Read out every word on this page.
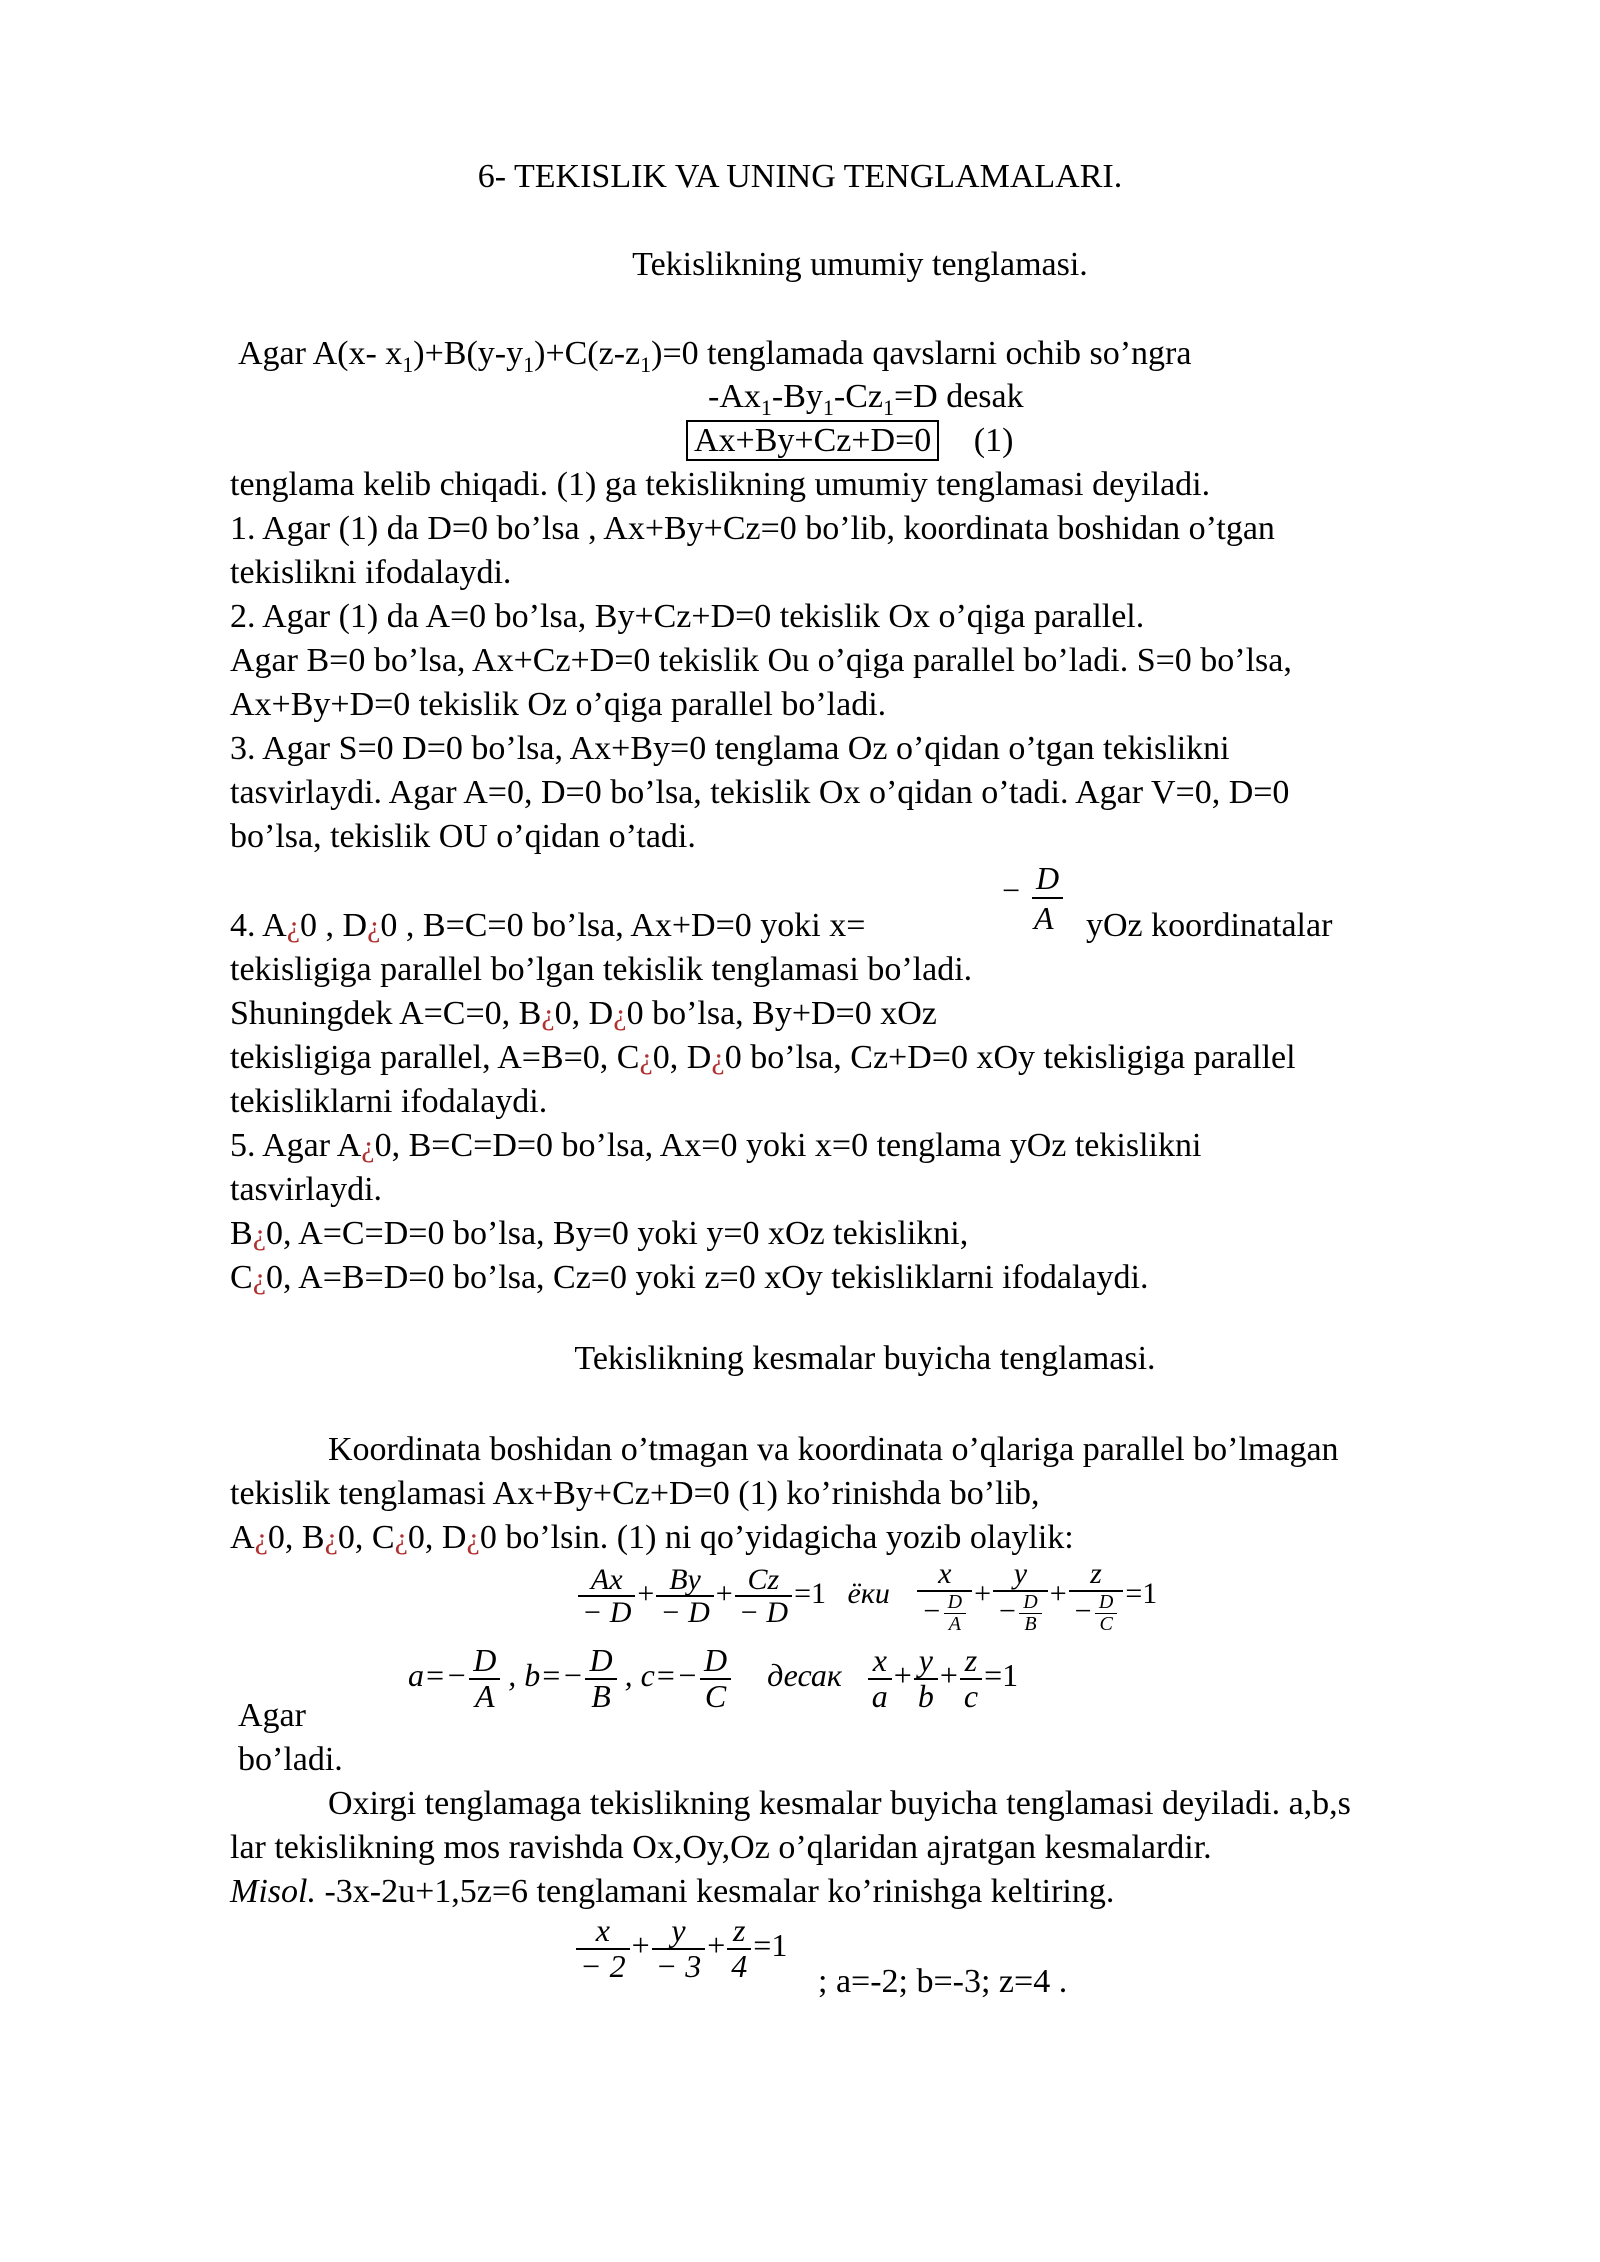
6- TEKISLIK VA UNING TENGLAMALARI.
Tekislikning umumiy tenglamasi.
Agar A(x- $x_1)+B(y-y_1)+C(z-z_1)=0$ tenglamada qavslarni ochib so’ngra
$-Ax_1-By_1-Cz_1=D$ desak
Ax+By+Cz+D=0 (1)
tenglama kelib chiqadi. (1) ga tekislikning umumiy tenglamasi deyiladi.
1. Agar (1) da D=0 bo’lsa , Ax+By+Cz=0 bo’lib, koordinata boshidan o’tgan
tekislikni ifodalaydi.
2. Agar (1) da A=0 bo’lsa, By+Cz+D=0 tekislik Ox o’qiga parallel.
Agar B=0 bo’lsa, Ax+Cz+D=0 tekislik Ou o’qiga parallel bo’ladi. S=0 bo’lsa,
Ax+By+D=0 tekislik Oz o’qiga parallel bo’ladi.
3. Agar S=0 D=0 bo’lsa, Ax+By=0 tenglama Oz o’qidan o’tgan tekislikni
tasvirlaydi. Agar A=0, D=0 bo’lsa, tekislik Ox o’qidan o’tadi. Agar V=0, D=0
bo’lsa, tekislik OU o’qidan o’tadi.
4. A¿0 , D¿0 , B=C=0 bo’lsa, Ax+D=0 yoki x=
− D
A yOz koordinatalar
tekisligiga parallel bo’lgan tekislik tenglamasi bo’ladi.
Shuningdek A=C=0, B¿0, D¿0 bo’lsa, By+D=0 xOz
tekisligiga parallel, A=B=0, C¿0, D¿0 bo’lsa, Cz+D=0 xOy tekisligiga parallel
tekisliklarni ifodalaydi.
5. Agar A¿0, B=C=D=0 bo’lsa, Ax=0 yoki x=0 tenglama yOz tekislikni
tasvirlaydi.
B¿0, A=C=D=0 bo’lsa, By=0 yoki y=0 xOz tekislikni,
C¿0, A=B=D=0 bo’lsa, Cz=0 yoki z=0 xOy tekisliklarni ifodalaydi.
Tekislikning kesmalar buyicha tenglamasi.
Koordinata boshidan o’tmagan va koordinata o’qlariga parallel bo’lmagan
tekislik tenglamasi Ax+By+Cz+D=0 (1) ko’rinishda bo’lib,
A¿0, B¿0, C¿0, D¿0 bo’lsin. (1) ni qo’yidagicha yozib olaylik:
$\frac{Ax}{- D} + \frac{By}{- D} + \frac{Cz}{- D} =1$ ёки $\frac{x}{- \frac{D}{A}} + \frac{y}{- \frac{D}{B}} + \frac{z}{- \frac{D}{C}} =1$
$a=- \frac{D}{A}$ , $b=- \frac{D}{B}$ , $c=- \frac{D}{C}$ десак $\frac{x}{a} + \frac{y}{b} + \frac{z}{c} =1$
Agar
bo’ladi.
Oxirgi tenglamaga tekislikning kesmalar buyicha tenglamasi deyiladi. a,b,s
lar tekislikning mos ravishda Ox,Oy,Oz o’qlaridan ajratgan kesmalardir.
Misol. -3x-2u+1,5z=6 tenglamani kesmalar ko’rinishga keltiring.
$\frac{x}{- 2} + \frac{y}{- 3} + \frac{z}{4} =1$
; a=-2; b=-3; z=4 .
